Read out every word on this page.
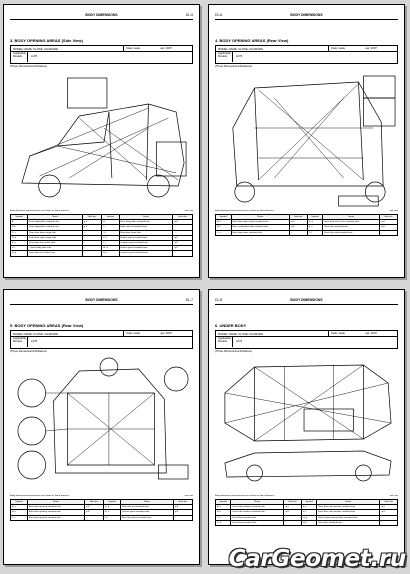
BODY DIMENSIONS	DI–5
3. BODY OPENING AREAS (Side View)
MODEL NAME: CLOSE: CHARADE	Date made	apr, 2007
Applicable Models	L276
(Three Dimensional Distance)
Body dimension measurements are shown as linear distance.	unit: mm
Symbol	Name	Hole dia.	Symbol	Name	Hole dia.
A	Front body pillar standard hole	φ 6	H	Rear body pillar standard hole	φ 8
B, b	Front body pillar standard hole	φ 6	I, i	Roof side rail standard hole	–
C, c	Front door lower hinge hole	–	J, j	Rear door hinge hole	–
D, d	Front door upper hinge hole	–	K, k	Rocker panel standard hole	φ 8
E, e	Front door lock striker hole	–	L, l	Quarter panel standard hole	φ 8
F, f	Center body pillar hole	–	M, m	Rocker panel standard hole	φ 8
G, g	Rear door lock striker hole	–	N, n	Quarter panel standard hole	–
DI–6	BODY DIMENSIONS
4. BODY OPENING AREAS (Rear View)
MODEL NAME: CLOSE: CHARADE	Date made	apr, 2007
Applicable Models	L276
(Three Dimensional Distance)
Body dimension measurements are shown as linear distance.	unit: mm
Symbol	Name	Hole dia.	Symbol	Name	Hole dia.
A, a	Back door upper hinge standard hole	φ 6	D, d	Back door lock striker standard hole	φ 8
B, b	Rear combination light standard hole	φ 8	E, e	Rear floor standard hole	φ 8
C, c	Back door lower standard hole	–	F, f	Rear floor side standard hole	–
BODY DIMENSIONS	DI–7
5. BODY OPENING AREAS (Rear View)
MODEL NAME: CLOSE: CHARADE	Date made	apr, 2007
Applicable Models	L276
(Three Dimensional Distance)
Body dimension measurements are shown as linear distance.	unit: mm
Symbol	Name	Hole dia.	Symbol	Name	Hole dia.
A, a	Back door opening standard hole	φ 6	D, d	Roof side rail standard hole	φ 8
B, b	Back door opening standard hole	φ 8	E, e	Quarter panel standard hole	φ 8
C, c	Back door opening standard hole	–	F, f	Rear floor panel standard hole	–
DI–8	BODY DIMENSIONS
6. UNDER BODY
MODEL NAME: CLOSE: CHARADE	Date made	apr, 2007
Applicable Models	L276
(Three Dimensional Distance)
Body dimension measurements are shown as linear distance.	unit: mm
Symbol	Name	Hole dia.	Symbol	Name	Hole dia.
A, a	Front side member standard hole	φ 6	E, e	Rear floor side member standard hole	φ 8
B, b	Front side member standard hole	φ 8	F, f	Rear floor side member standard hole	φ 8
C, c	Front floor standard hole	–	G, g	Rear suspension member standard hole	–
D, d	Front floor standard hole	–	H, h	Rear floor standard hole	–
CarGeomet.ru
